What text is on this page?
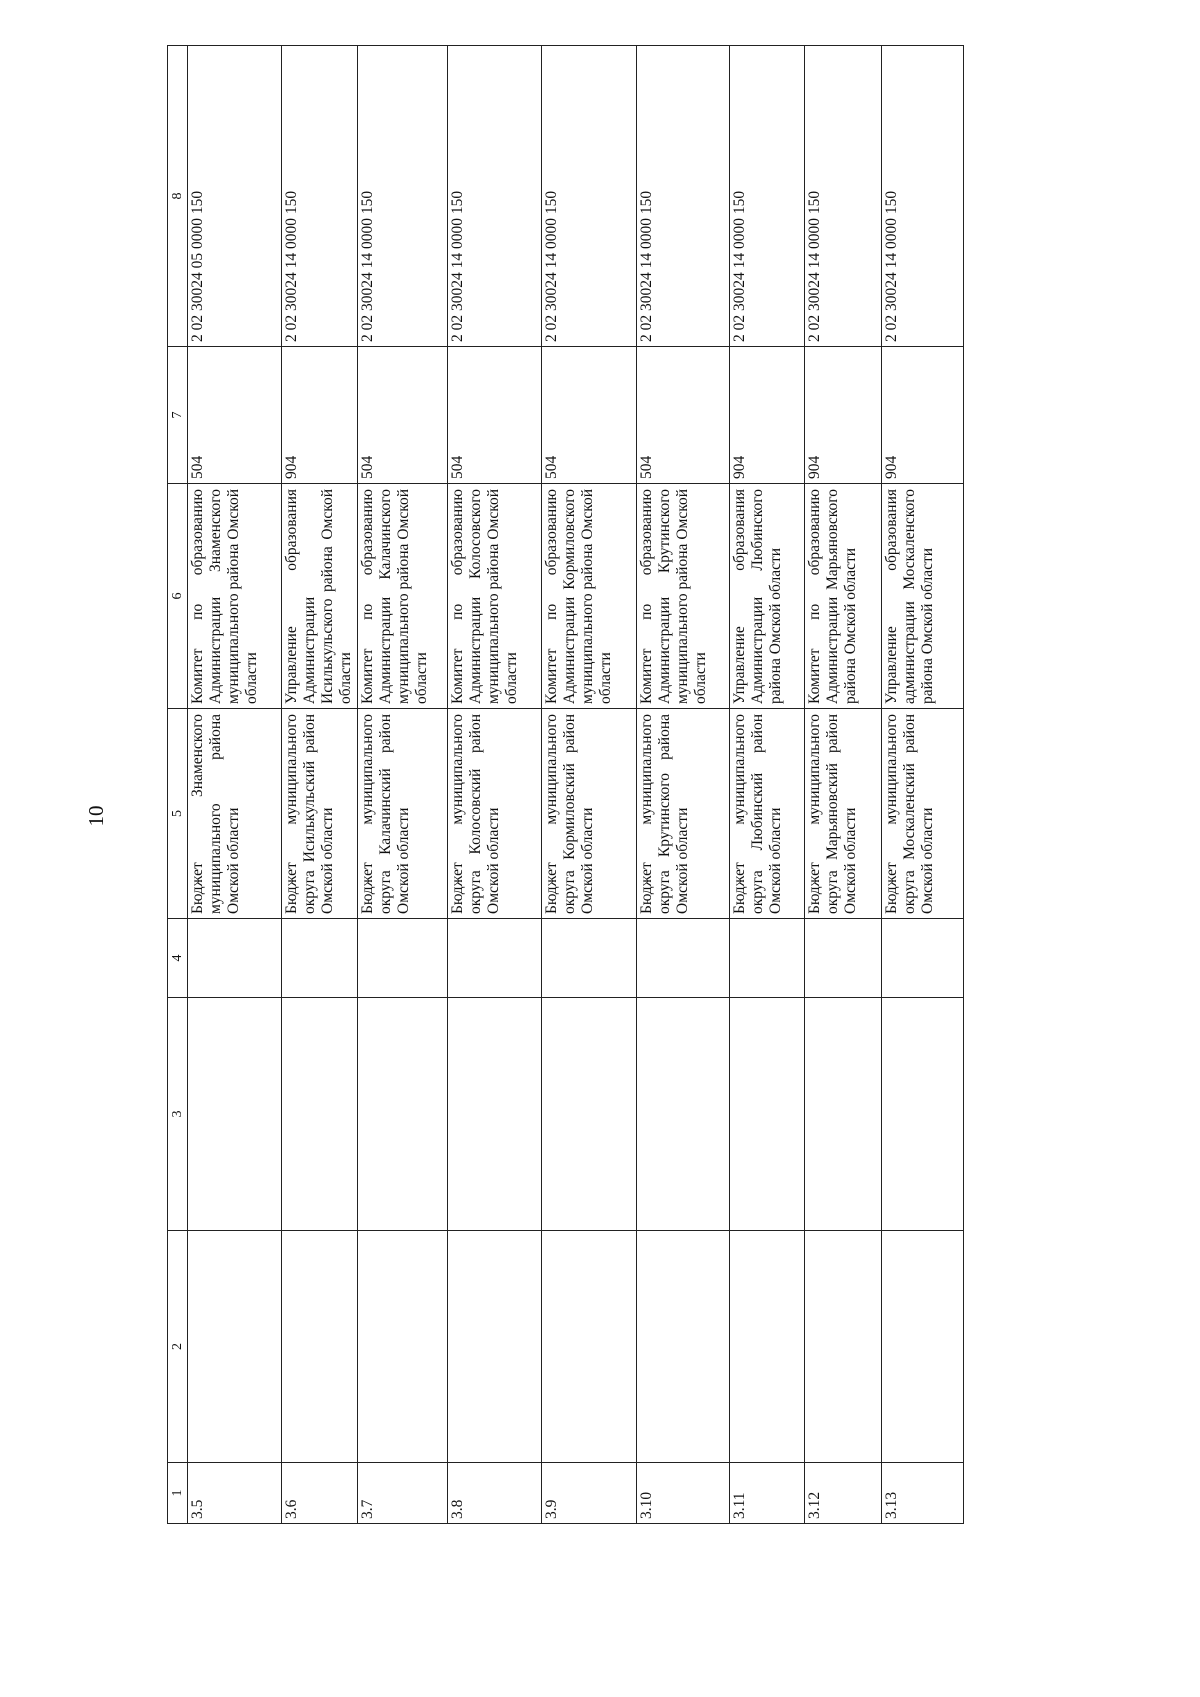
10
1	2	3	4	5	6	7	8
3.5				Бюджет Знаменского муниципального района Омской области	Комитет по образованию Администрации Знаменского муниципального района Омской области	504	2 02 30024 05 0000 150
3.6				Бюджет муниципального округа Исилькульский район Омской области	Управление образования Администрации Исилькульского района Омской области	904	2 02 30024 14 0000 150
3.7				Бюджет муниципального округа Калачинский район Омской области	Комитет по образованию Администрации Калачинского муниципального района Омской области	504	2 02 30024 14 0000 150
3.8				Бюджет муниципального округа Колосовский район Омской области	Комитет по образованию Администрации Колосовского муниципального района Омской области	504	2 02 30024 14 0000 150
3.9				Бюджет муниципального округа Кормиловский район Омской области	Комитет по образованию Администрации Кормиловского муниципального района Омской области	504	2 02 30024 14 0000 150
3.10				Бюджет муниципального округа Крутинского района Омской области	Комитет по образованию Администрации Крутинского муниципального района Омской области	504	2 02 30024 14 0000 150
3.11				Бюджет муниципального округа Любинский район Омской области	Управление образования Администрации Любинского района Омской области	904	2 02 30024 14 0000 150
3.12				Бюджет муниципального округа Марьяновский район Омской области	Комитет по образованию Администрации Марьяновского района Омской области	904	2 02 30024 14 0000 150
3.13				Бюджет муниципального округа Москаленский район Омской области	Управление образования администрации Москаленского района Омской области	904	2 02 30024 14 0000 150
